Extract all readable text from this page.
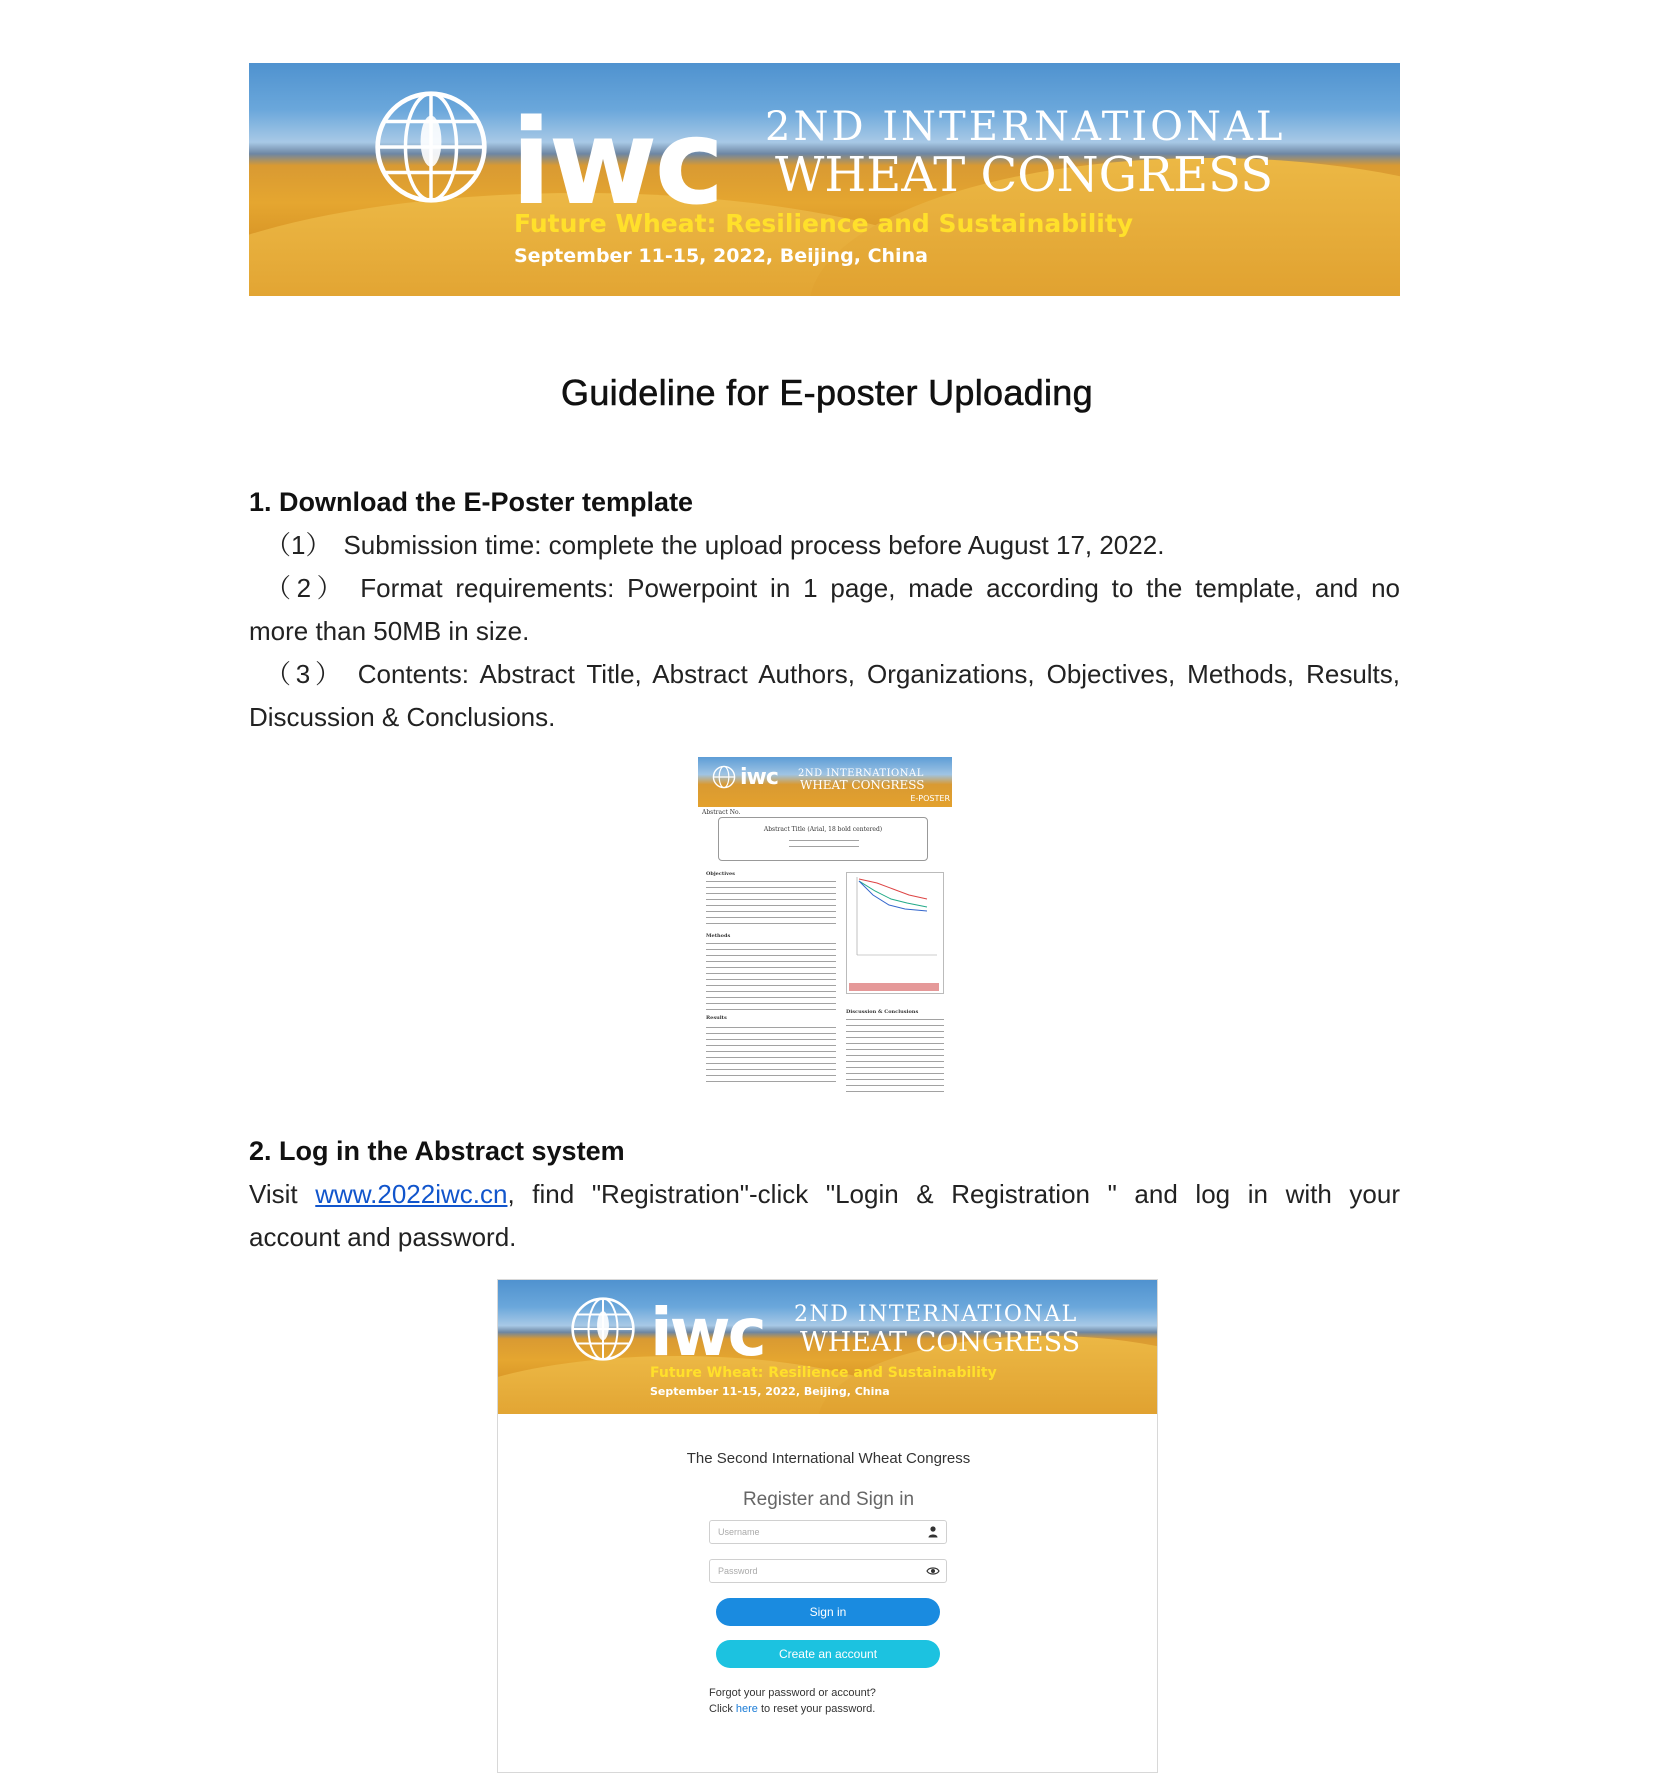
iwc 2ND INTERNATIONAL
WHEAT CONGRESS
Future Wheat: Resilience and Sustainability
September 11-15, 2022, Beijing, China
Guideline for E-poster Uploading
1. Download the E-Poster template
（1） Submission time: complete the upload process before August 17, 2022.
（2） Format requirements: Powerpoint in 1 page, made according to the template, and no
more than 50MB in size.
（3） Contents: Abstract Title, Abstract Authors, Organizations, Objectives, Methods, Results,
Discussion & Conclusions.
iwc 2ND INTERNATIONAL
WHEAT CONGRESS
E-POSTER
Abstract No.
Abstract Title (Arial, 18 bold centered)
Objectives
Methods
Results
Discussion & Conclusions
2. Log in the Abstract system
Visit www.2022iwc.cn, find "Registration"-click "Login & Registration " and log in with your
account and password.
iwc 2ND INTERNATIONAL
WHEAT CONGRESS
Future Wheat: Resilience and Sustainability
September 11-15, 2022, Beijing, China
The Second International Wheat Congress
Register and Sign in
Username
Sign in
Create an account
Forgot your password or account?
Click here to reset your password.
